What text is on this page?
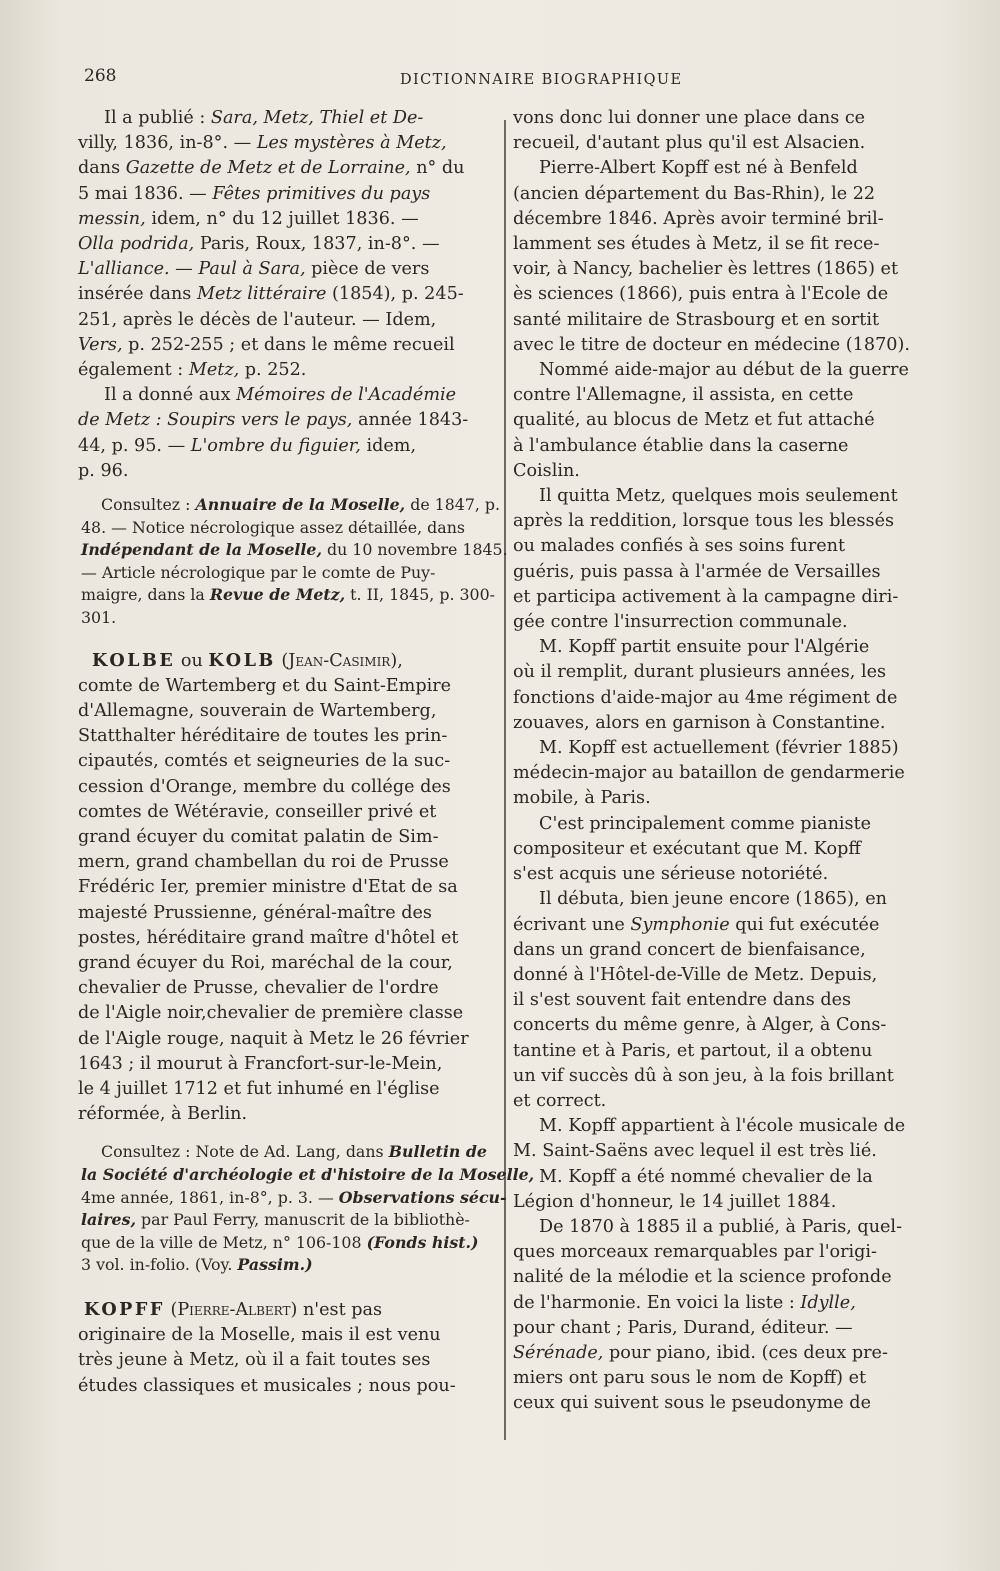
268	DICTIONNAIRE BIOGRAPHIQUE
Il a publié : Sara, Metz, Thiel et De-
villy, 1836, in-8°. — Les mystères à Metz,
dans Gazette de Metz et de Lorraine, n° du
5 mai 1836. — Fêtes primitives du pays
messin, idem, n° du 12 juillet 1836. —
Olla podrida, Paris, Roux, 1837, in-8°. —
L'alliance. — Paul à Sara, pièce de vers
insérée dans Metz littéraire (1854), p. 245-
251, après le décès de l'auteur. — Idem,
Vers, p. 252-255 ; et dans le même recueil
également : Metz, p. 252.
Il a donné aux Mémoires de l'Académie
de Metz : Soupirs vers le pays, année 1843-
44, p. 95. — L'ombre du figuier, idem,
p. 96.
Consultez : Annuaire de la Moselle, de 1847, p.
48. — Notice nécrologique assez détaillée, dans
Indépendant de la Moselle, du 10 novembre 1845.
— Article nécrologique par le comte de Puy-
maigre, dans la Revue de Metz, t. II, 1845, p. 300-
301.
KOLBE ou KOLB (Jean-Casimir),
comte de Wartemberg et du Saint-Empire
d'Allemagne, souverain de Wartemberg,
Statthalter héréditaire de toutes les prin-
cipautés, comtés et seigneuries de la suc-
cession d'Orange, membre du collége des
comtes de Wétéravie, conseiller privé et
grand écuyer du comitat palatin de Sim-
mern, grand chambellan du roi de Prusse
Frédéric Ier, premier ministre d'Etat de sa
majesté Prussienne, général-maître des
postes, héréditaire grand maître d'hôtel et
grand écuyer du Roi, maréchal de la cour,
chevalier de Prusse, chevalier de l'ordre
de l'Aigle noir,chevalier de première classe
de l'Aigle rouge, naquit à Metz le 26 février
1643 ; il mourut à Francfort-sur-le-Mein,
le 4 juillet 1712 et fut inhumé en l'église
réformée, à Berlin.
Consultez : Note de Ad. Lang, dans Bulletin de
la Société d'archéologie et d'histoire de la Moselle,
4me année, 1861, in-8°, p. 3. — Observations sécu-
laires, par Paul Ferry, manuscrit de la bibliothè-
que de la ville de Metz, n° 106-108 (Fonds hist.)
3 vol. in-folio. (Voy. Passim.)
KOPFF (Pierre-Albert) n'est pas
originaire de la Moselle, mais il est venu
très jeune à Metz, où il a fait toutes ses
études classiques et musicales ; nous pou-
vons donc lui donner une place dans ce
recueil, d'autant plus qu'il est Alsacien.
Pierre-Albert Kopff est né à Benfeld
(ancien département du Bas-Rhin), le 22
décembre 1846. Après avoir terminé bril-
lamment ses études à Metz, il se fit rece-
voir, à Nancy, bachelier ès lettres (1865) et
ès sciences (1866), puis entra à l'Ecole de
santé militaire de Strasbourg et en sortit
avec le titre de docteur en médecine (1870).
Nommé aide-major au début de la guerre
contre l'Allemagne, il assista, en cette
qualité, au blocus de Metz et fut attaché
à l'ambulance établie dans la caserne
Coislin.
Il quitta Metz, quelques mois seulement
après la reddition, lorsque tous les blessés
ou malades confiés à ses soins furent
guéris, puis passa à l'armée de Versailles
et participa activement à la campagne diri-
gée contre l'insurrection communale.
M. Kopff partit ensuite pour l'Algérie
où il remplit, durant plusieurs années, les
fonctions d'aide-major au 4me régiment de
zouaves, alors en garnison à Constantine.
M. Kopff est actuellement (février 1885)
médecin-major au bataillon de gendarmerie
mobile, à Paris.
C'est principalement comme pianiste
compositeur et exécutant que M. Kopff
s'est acquis une sérieuse notoriété.
Il débuta, bien jeune encore (1865), en
écrivant une Symphonie qui fut exécutée
dans un grand concert de bienfaisance,
donné à l'Hôtel-de-Ville de Metz. Depuis,
il s'est souvent fait entendre dans des
concerts du même genre, à Alger, à Cons-
tantine et à Paris, et partout, il a obtenu
un vif succès dû à son jeu, à la fois brillant
et correct.
M. Kopff appartient à l'école musicale de
M. Saint-Saëns avec lequel il est très lié.
M. Kopff a été nommé chevalier de la
Légion d'honneur, le 14 juillet 1884.
De 1870 à 1885 il a publié, à Paris, quel-
ques morceaux remarquables par l'origi-
nalité de la mélodie et la science profonde
de l'harmonie. En voici la liste : Idylle,
pour chant ; Paris, Durand, éditeur. —
Sérénade, pour piano, ibid. (ces deux pre-
miers ont paru sous le nom de Kopff) et
ceux qui suivent sous le pseudonyme de
